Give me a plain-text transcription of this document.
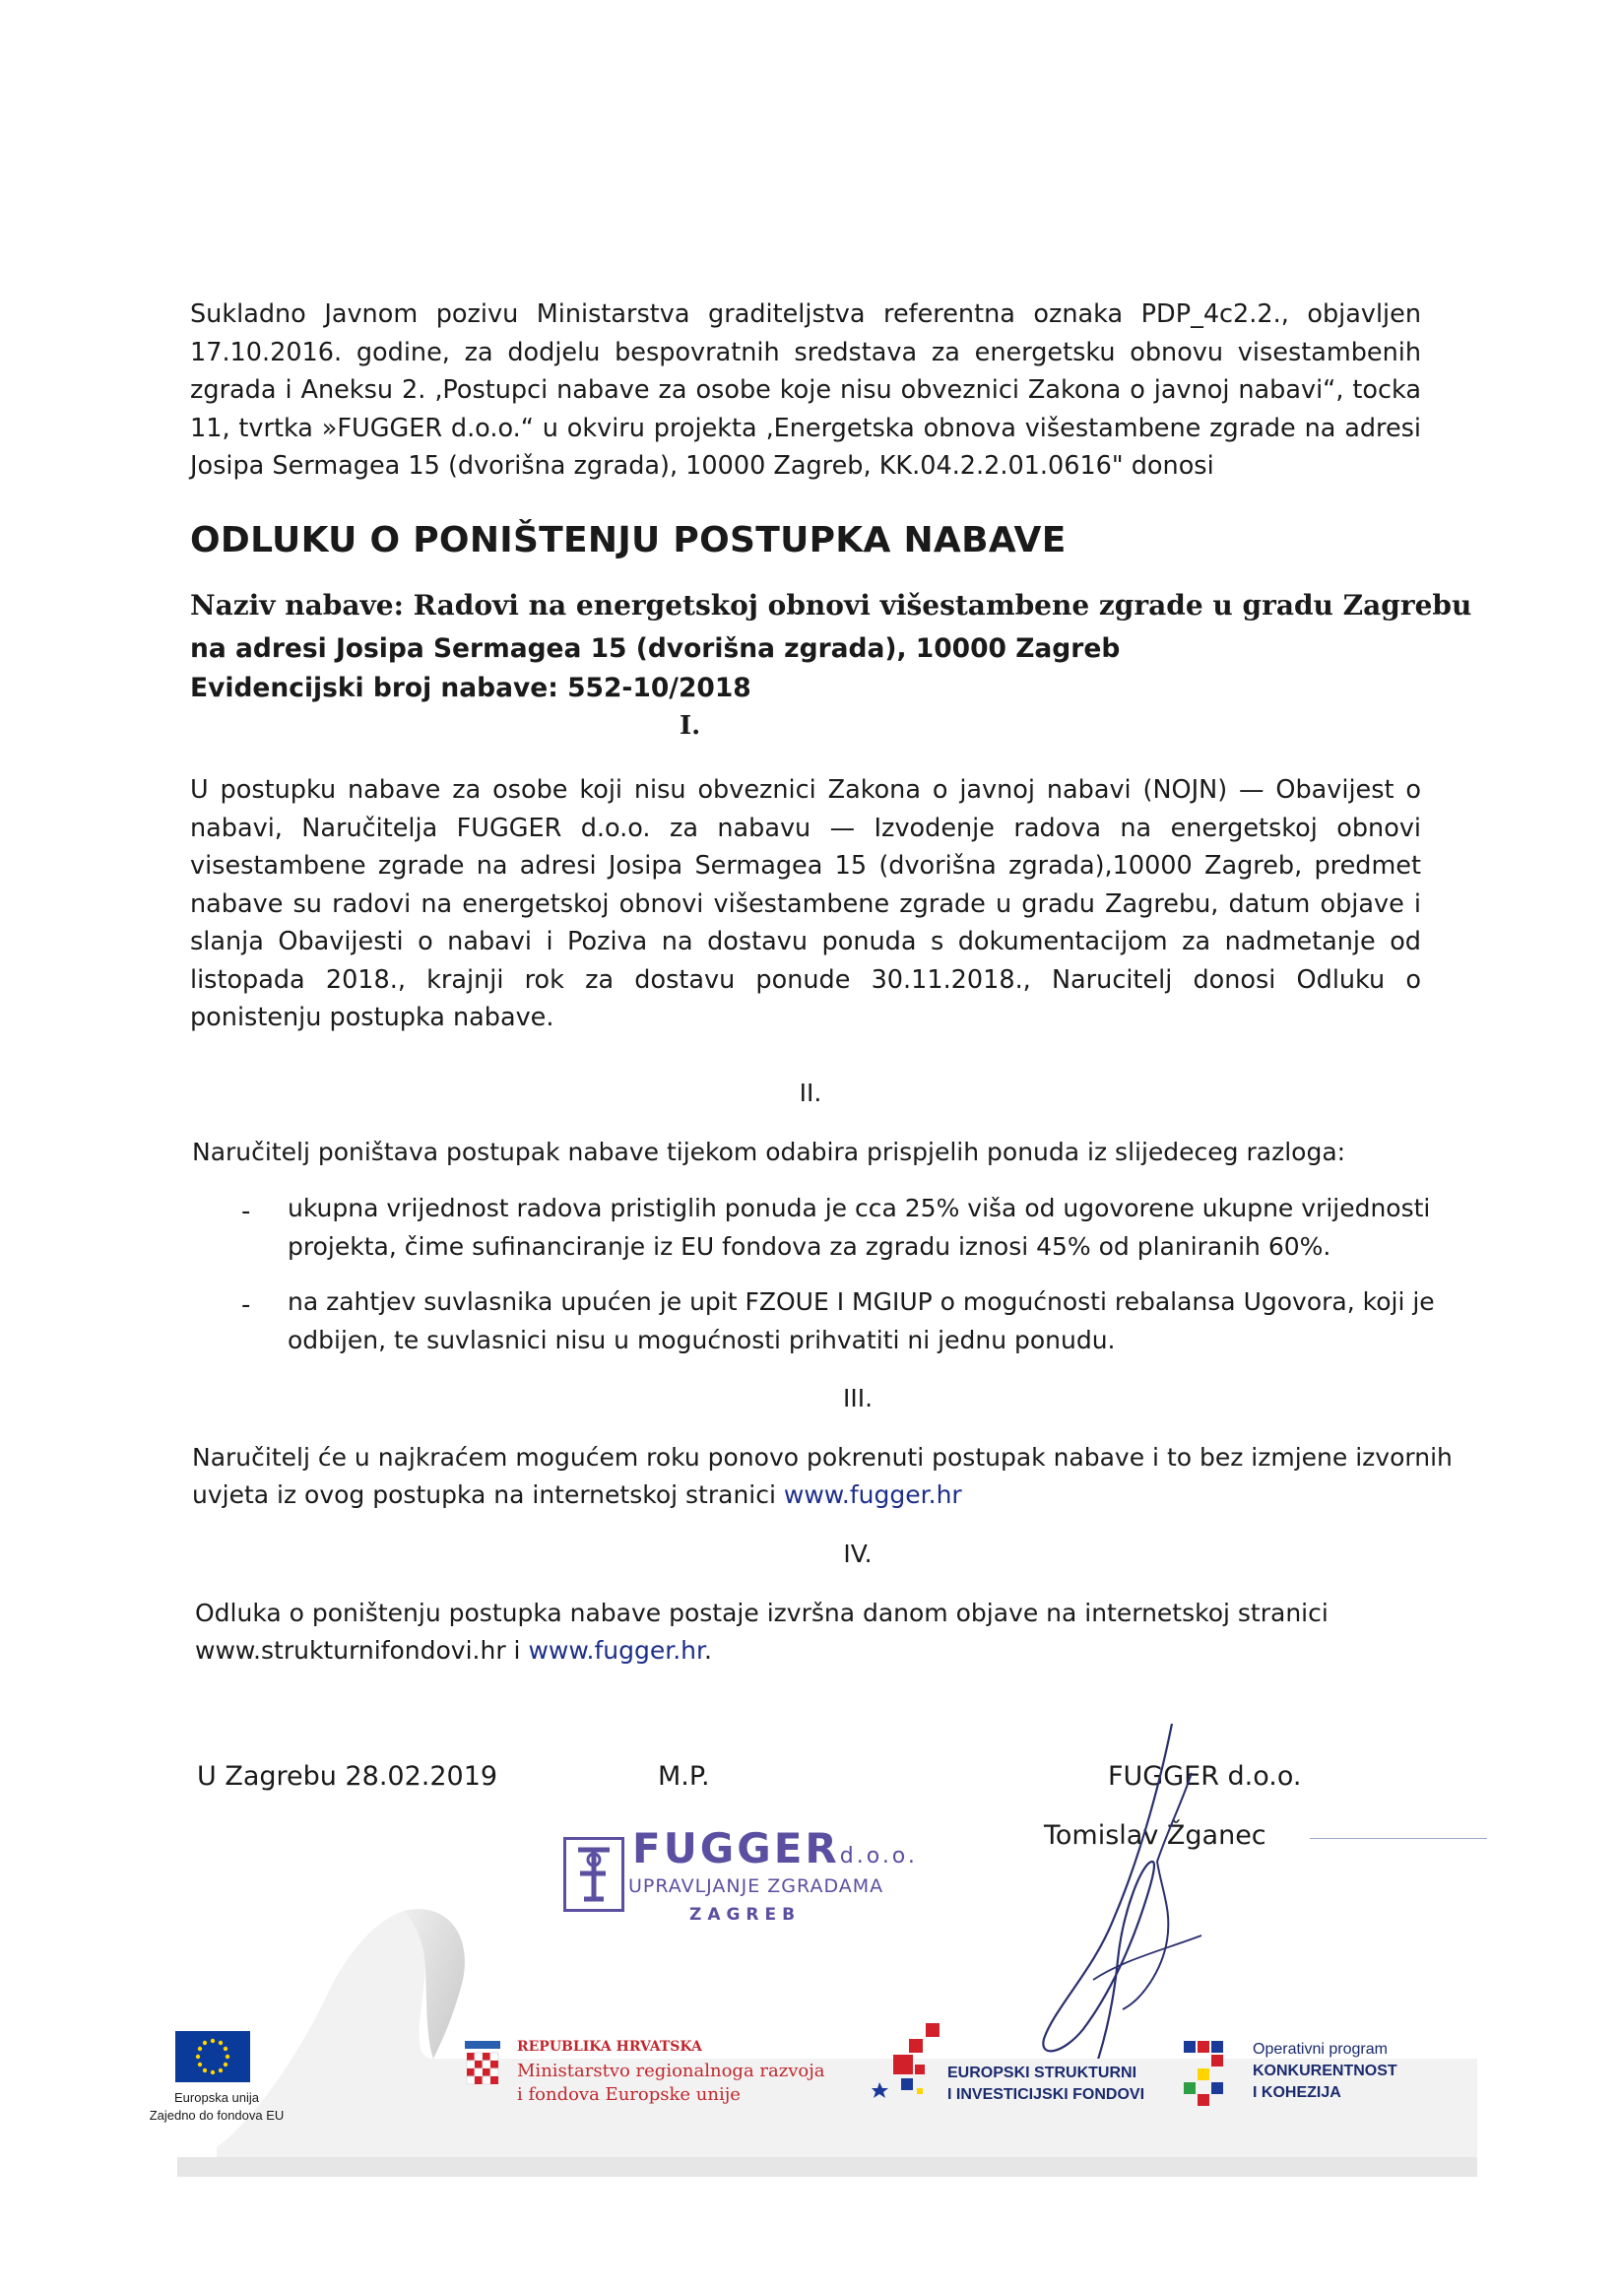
Sukladno Javnom pozivu Ministarstva graditeljstva referentna oznaka PDP_4c2.2., objavljen
17.10.2016. godine, za dodjelu bespovratnih sredstava za energetsku obnovu visestambenih
zgrada i Aneksu 2. ‚Postupci nabave za osobe koje nisu obveznici Zakona o javnoj nabavi“, tocka
11, tvrtka »FUGGER d.o.o.“ u okviru projekta ‚Energetska obnova višestambene zgrade na adresi
Josipa Sermagea 15 (dvorišna zgrada), 10000 Zagreb, KK.04.2.2.01.0616" donosi
ODLUKU O PONIŠTENJU POSTUPKA NABAVE
Naziv nabave: Radovi na energetskoj obnovi višestambene zgrade u gradu Zagrebu
na adresi Josipa Sermagea 15 (dvorišna zgrada), 10000 Zagreb
Evidencijski broj nabave: 552-10/2018
I.
U postupku nabave za osobe koji nisu obveznici Zakona o javnoj nabavi (NOJN) — Obavijest o
nabavi, Naručitelja FUGGER d.o.o. za nabavu — Izvodenje radova na energetskoj obnovi
visestambene zgrade na adresi Josipa Sermagea 15 (dvorišna zgrada),10000 Zagreb, predmet
nabave su radovi na energetskoj obnovi višestambene zgrade u gradu Zagrebu, datum objave i
slanja Obavijesti o nabavi i Poziva na dostavu ponuda s dokumentacijom za nadmetanje od
listopada 2018., krajnji rok za dostavu ponude 30.11.2018., Narucitelj donosi Odluku o
ponistenju postupka nabave.
II.
Naručitelj poništava postupak nabave tijekom odabira prispjelih ponuda iz slijedeceg razloga:
- ukupna vrijednost radova pristiglih ponuda je cca 25% viša od ugovorene ukupne vrijednosti
projekta, čime sufinanciranje iz EU fondova za zgradu iznosi 45% od planiranih 60%.
- na zahtjev suvlasnika upućen je upit FZOUE I MGIUP o mogućnosti rebalansa Ugovora, koji je
odbijen, te suvlasnici nisu u mogućnosti prihvatiti ni jednu ponudu.
III.
Naručitelj će u najkraćem mogućem roku ponovo pokrenuti postupak nabave i to bez izmjene izvornih
uvjeta iz ovog postupka na internetskoj stranici www.fugger.hr
IV.
Odluka o poništenju postupka nabave postaje izvršna danom objave na internetskoj stranici
www.strukturnifondovi.hr i www.fugger.hr.
U Zagrebu 28.02.2019	M.P.	FUGGER d.o.o.
Tomislav Žganec
FUGGERd.o.o.
UPRAVLJANJE ZGRADAMA
ZAGREB
Europska unija
Zajedno do fondova EU
REPUBLIKA HRVATSKA
Ministarstvo regionalnoga razvoja
i fondova Europske unije
EUROPSKI STRUKTURNI
I INVESTICIJSKI FONDOVI
Operativni program
KONKURENTNOST
I KOHEZIJA
